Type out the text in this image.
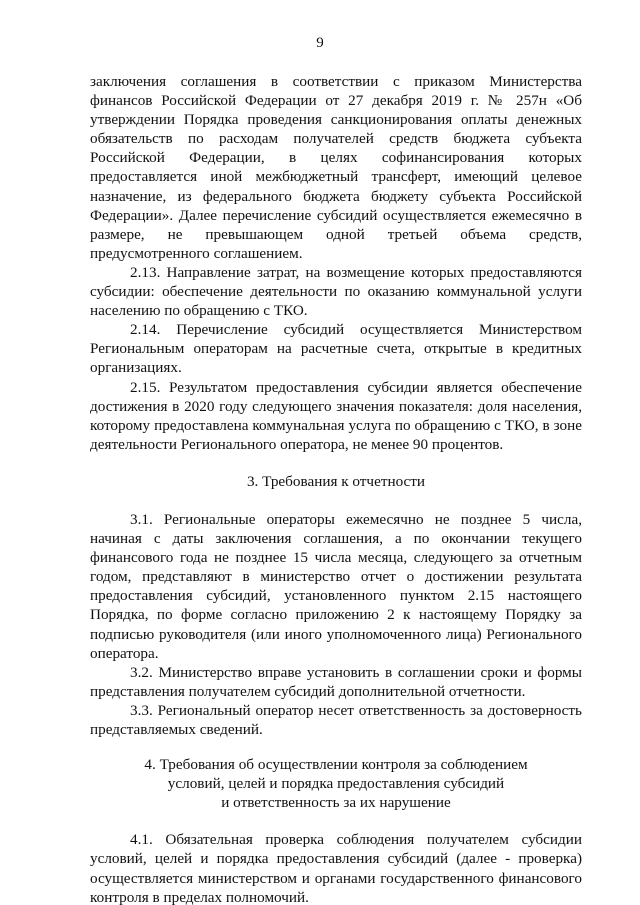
9

заключения соглашения в соответствии с приказом Министерства финансов Российской Федерации от 27 декабря 2019 г. № 257н «Об утверждении Порядка проведения санкционирования оплаты денежных обязательств по расходам получателей средств бюджета субъекта Российской Федерации, в целях софинансирования которых предоставляется иной межбюджетный трансферт, имеющий целевое назначение, из федерального бюджета бюджету субъекта Российской Федерации». Далее перечисление субсидий осуществляется ежемесячно в размере, не превышающем одной третьей объема средств, предусмотренного соглашением.

2.13. Направление затрат, на возмещение которых предоставляются субсидии: обеспечение деятельности по оказанию коммунальной услуги населению по обращению с ТКО.

2.14. Перечисление субсидий осуществляется Министерством Региональным операторам на расчетные счета, открытые в кредитных организациях.

2.15. Результатом предоставления субсидии является обеспечение достижения в 2020 году следующего значения показателя: доля населения, которому предоставлена коммунальная услуга по обращению с ТКО, в зоне деятельности Регионального оператора, не менее 90 процентов.

3. Требования к отчетности

3.1. Региональные операторы ежемесячно не позднее 5 числа, начиная с даты заключения соглашения, а по окончании текущего финансового года не позднее 15 числа месяца, следующего за отчетным годом, представляют в министерство отчет о достижении результата предоставления субсидий, установленного пунктом 2.15 настоящего Порядка, по форме согласно приложению 2 к настоящему Порядку за подписью руководителя (или иного уполномоченного лица) Регионального оператора.

3.2. Министерство вправе установить в соглашении сроки и формы представления получателем субсидий дополнительной отчетности.

3.3. Региональный оператор несет ответственность за достоверность представляемых сведений.

4. Требования об осуществлении контроля за соблюдением
условий, целей и порядка предоставления субсидий
и ответственность за их нарушение

4.1. Обязательная проверка соблюдения получателем субсидии условий, целей и порядка предоставления субсидий (далее - проверка) осуществляется министерством и органами государственного финансового контроля в пределах полномочий.
